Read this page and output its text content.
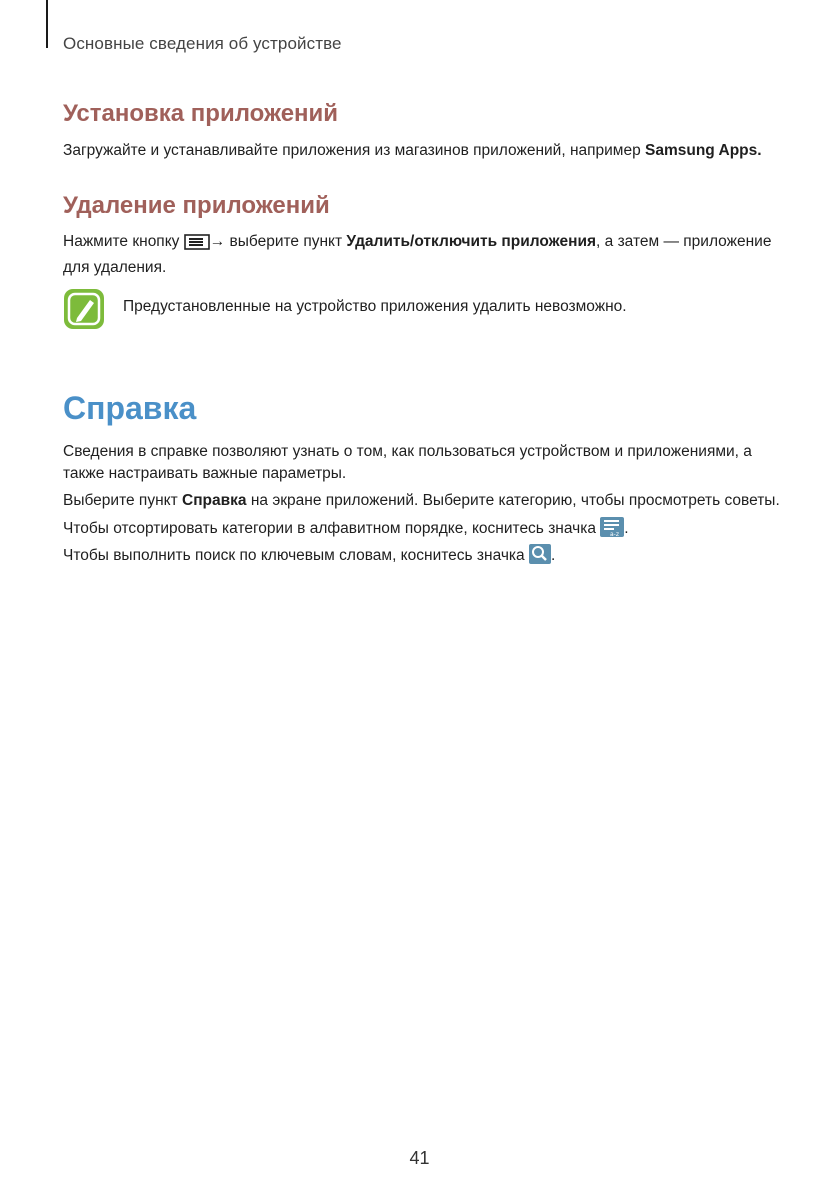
Основные сведения об устройстве
Установка приложений
Загружайте и устанавливайте приложения из магазинов приложений, например Samsung Apps.
Удаление приложений
Нажмите кнопку → выберите пункт Удалить/отключить приложения, а затем — приложение для удаления.
Предустановленные на устройство приложения удалить невозможно.
Справка
Сведения в справке позволяют узнать о том, как пользоваться устройством и приложениями, а также настраивать важные параметры.
Выберите пункт Справка на экране приложений. Выберите категорию, чтобы просмотреть советы.
Чтобы отсортировать категории в алфавитном порядке, коснитесь значка a-z .
Чтобы выполнить поиск по ключевым словам, коснитесь значка .
41
